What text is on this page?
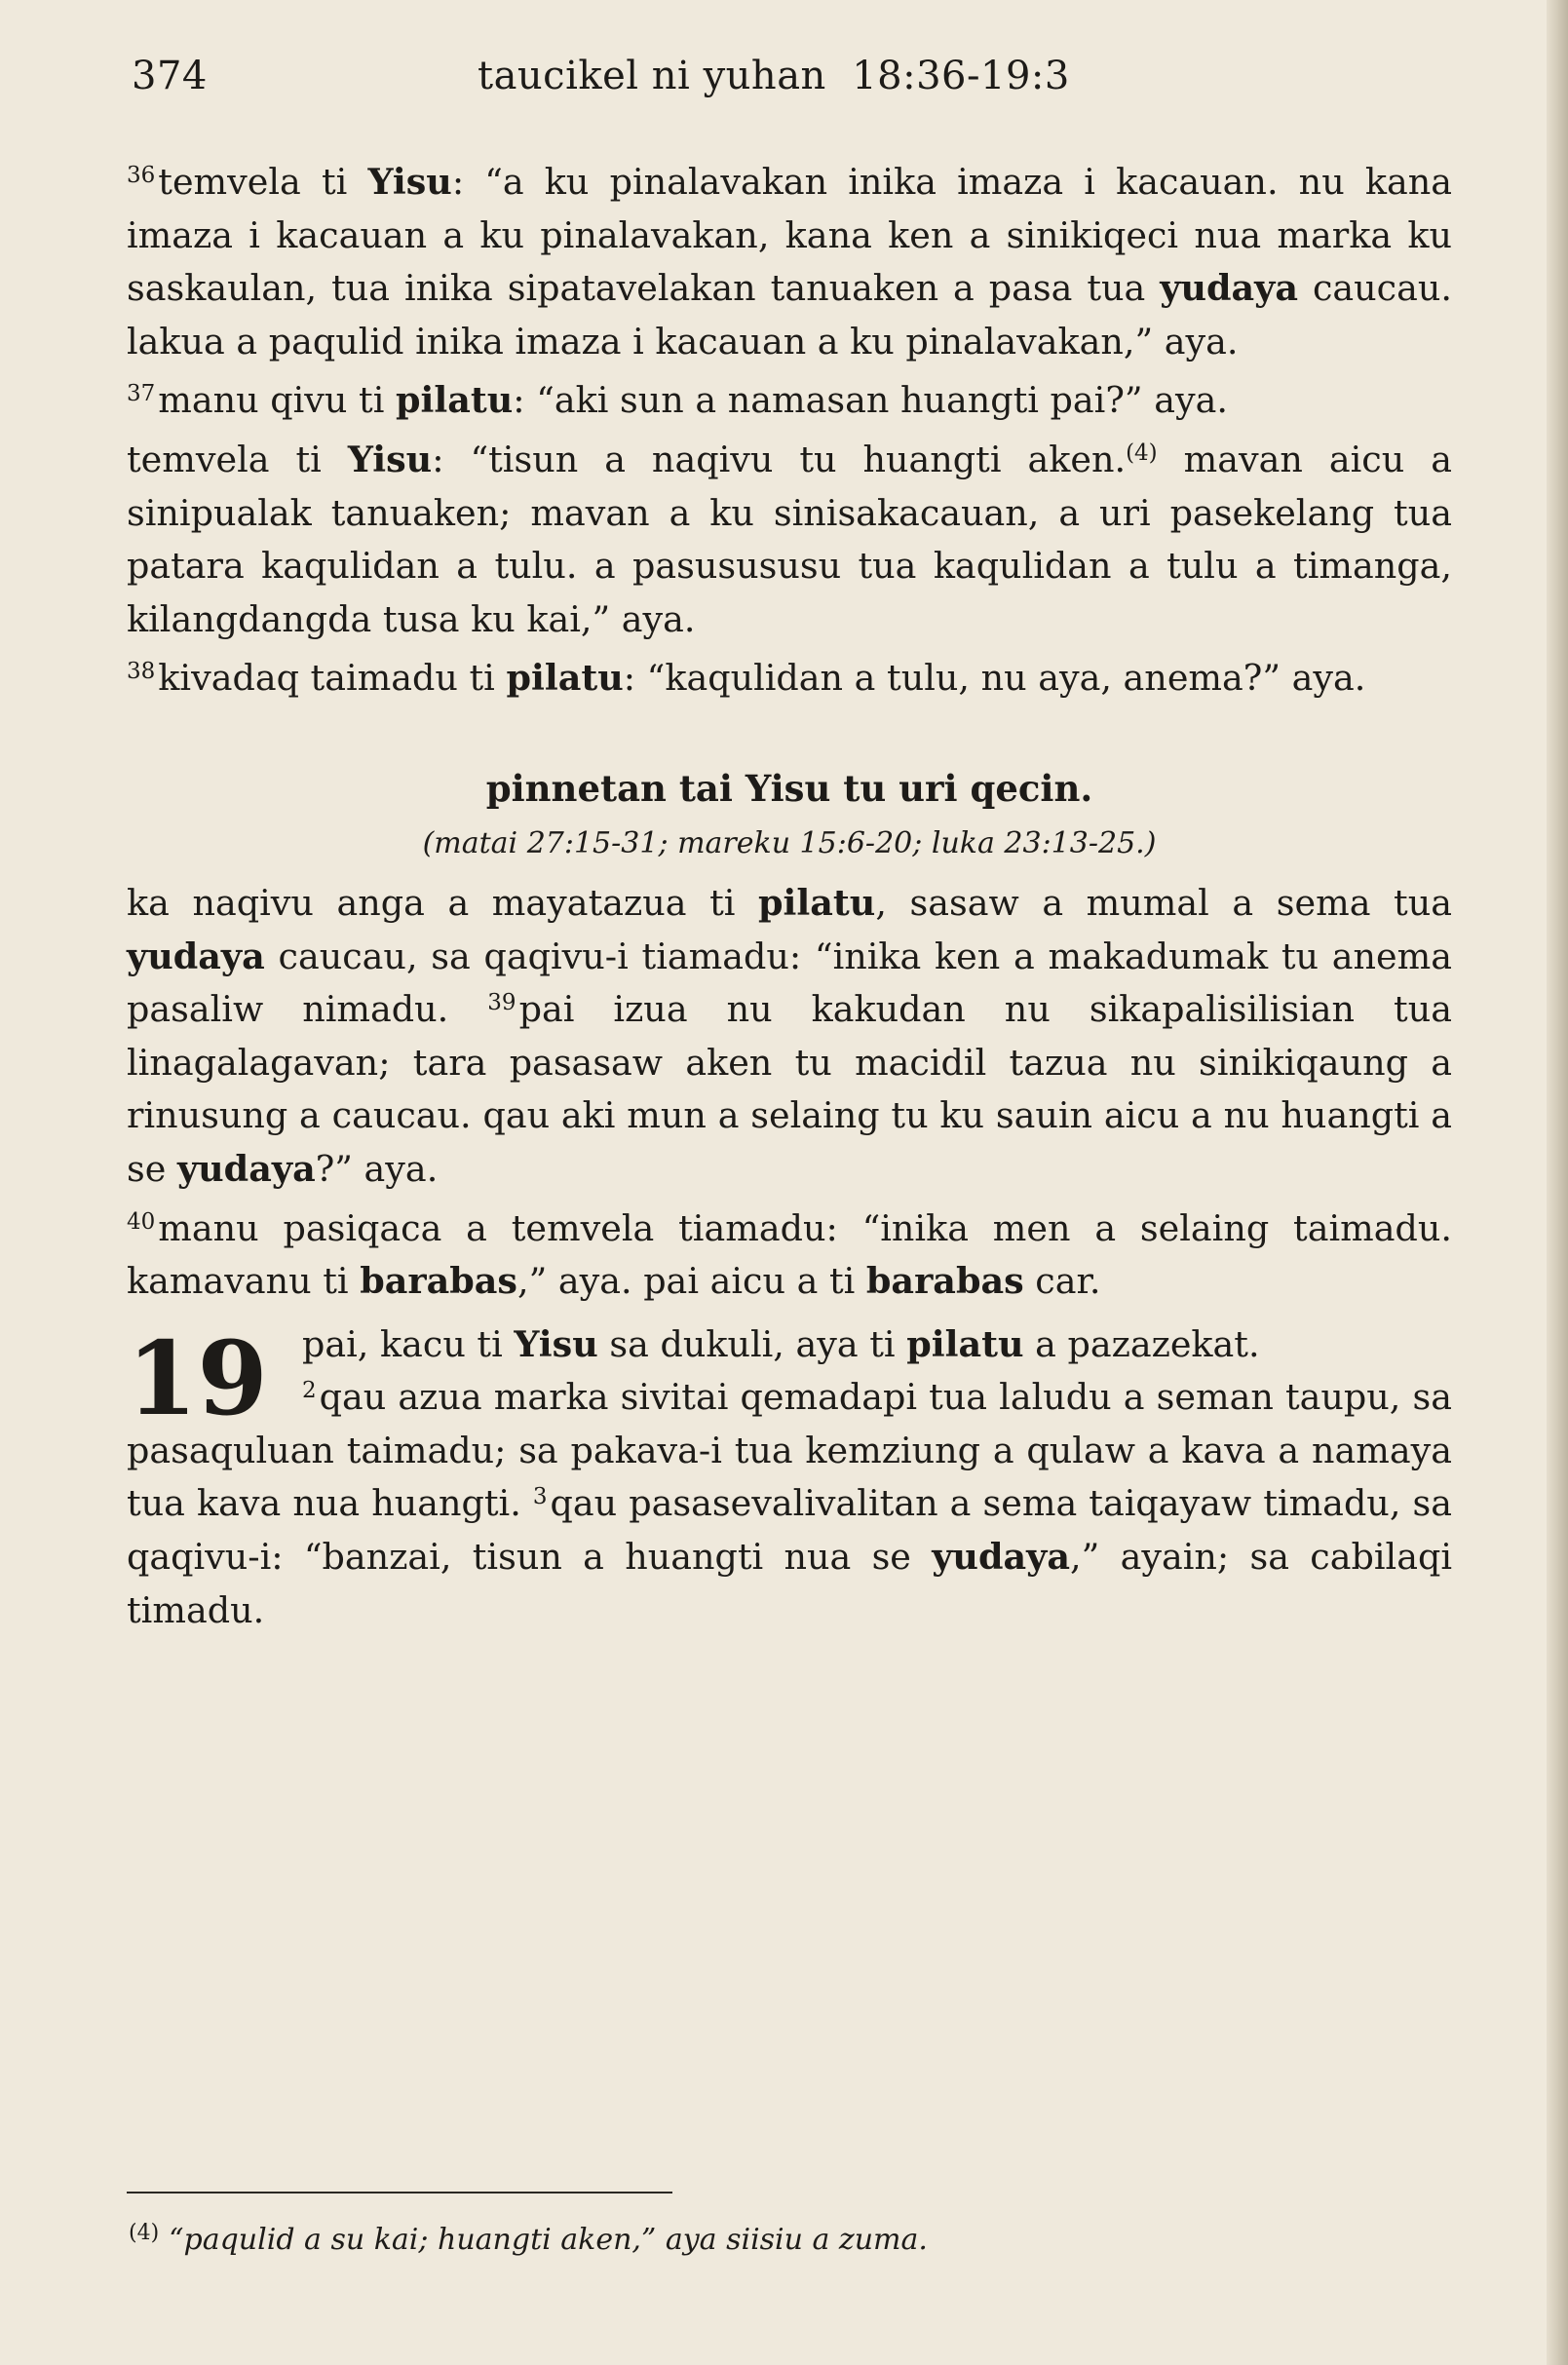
374	taucikel ni yuhan 18:36-19:3

$^{36}$temvela ti Yisu: “a ku pinalavakan inika imaza i kacauan. nu kana imaza i kacauan a ku pinalavakan, kana ken a sinikiqeci nua marka ku saskaulan, tua inika sipatavelakan tanuaken a pasa tua yudaya caucau. lakua a paqulid inika imaza i kacauan a ku pinalavakan,” aya.

$^{37}$manu qivu ti pilatu: “aki sun a namasan huangti pai?” aya.

temvela ti Yisu: “tisun a naqivu tu huangti aken.$^{(4)}$ mavan aicu a sinipualak tanuaken; mavan a ku sinisakacauan, a uri pasekelang tua patara kaqulidan a tulu. a pasusususu tua kaqulidan a tulu a timanga, kilangdangda tusa ku kai,” aya.

$^{38}$kivadaq taimadu ti pilatu: “kaqulidan a tulu, nu aya, anema?” aya.

pinnetan tai Yisu tu uri qecin.
(matai 27:15-31; mareku 15:6-20; luka 23:13-25.)

ka naqivu anga a mayatazua ti pilatu, sasaw a mumal a sema tua yudaya caucau, sa qaqivu-i tiamadu: “inika ken a makadumak tu anema pasaliw nimadu. $^{39}$pai izua nu kakudan nu sikapalisilisian tua linagalagavan; tara pasasaw aken tu macidil tazua nu sinikiqaung a rinusung a caucau. qau aki mun a selaing tu ku sauin aicu a nu huangti a se yudaya?” aya.

$^{40}$manu pasiqaca a temvela tiamadu: “inika men a selaing taimadu. kamavanu ti barabas,” aya. pai aicu a ti barabas car.

19 pai, kacu ti Yisu sa dukuli, aya ti pilatu a pazazekat.
$^2$qau azua marka sivitai qemadapi tua laludu a seman taupu, sa pasaquluan taimadu; sa pakava-i tua kemziung a qulaw a kava a namaya tua kava nua huangti. $^3$qau pasasevalivalitan a sema taiqayaw timadu, sa qaqivu-i: “banzai, tisun a huangti nua se yudaya,” ayain; sa cabilaqi timadu.

$^{(4)}$ “paqulid a su kai; huangti aken,” aya siisiu a zuma.
